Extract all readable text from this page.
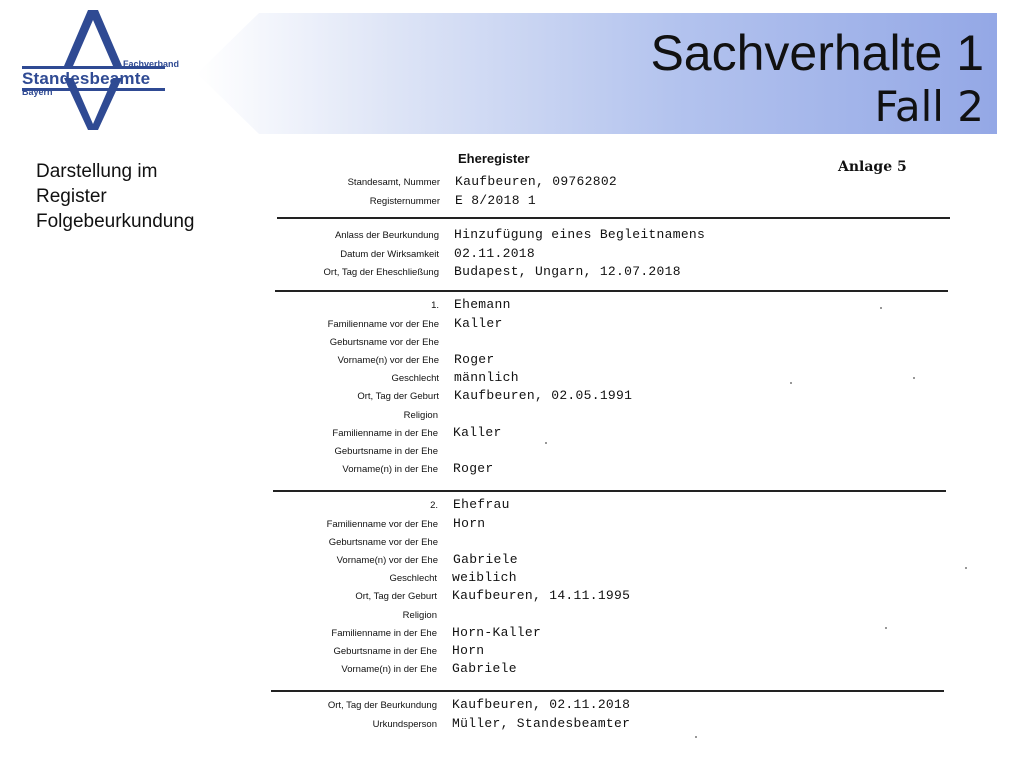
Sachverhalte 1
Fall 2
Fachverband
Standesbeamte
Bayern
Darstellung im
Register
Folgebeurkundung
Eheregister
Anlage 5
Standesamt, Nummer Kaufbeuren, 09762802
Registernummer E 8/2018 1
Anlass der Beurkundung Hinzufügung eines Begleitnamens
Datum der Wirksamkeit 02.11.2018
Ort, Tag der Eheschließung Budapest, Ungarn, 12.07.2018
1. Ehemann
Familienname vor der Ehe Kaller
Geburtsname vor der Ehe
Vorname(n) vor der Ehe Roger
Geschlecht männlich
Ort, Tag der Geburt Kaufbeuren, 02.05.1991
Religion
Familienname in der Ehe Kaller
Geburtsname in der Ehe
Vorname(n) in der Ehe Roger
2. Ehefrau
Familienname vor der Ehe Horn
Geburtsname vor der Ehe
Vorname(n) vor der Ehe Gabriele
Geschlecht weiblich
Ort, Tag der Geburt Kaufbeuren, 14.11.1995
Religion
Familienname in der Ehe Horn-Kaller
Geburtsname in der Ehe Horn
Vorname(n) in der Ehe Gabriele
Ort, Tag der Beurkundung Kaufbeuren, 02.11.2018
Urkundsperson Müller, Standesbeamter
